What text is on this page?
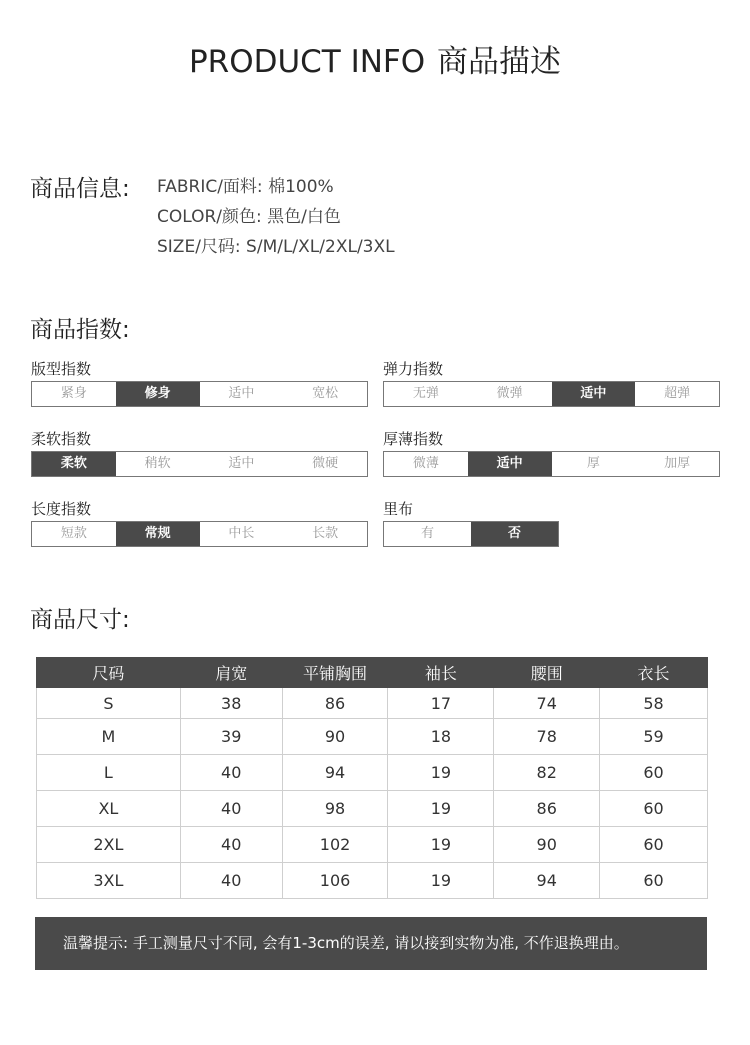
PRODUCT INFO 商品描述
商品信息: FABRIC/面料: 棉100%
COLOR/颜色: 黑色/白色
SIZE/尺码: S/M/L/XL/2XL/3XL
商品指数:
版型指数
紧身	修身	适中	宽松
弹力指数
无弹	微弹	适中	超弹
柔软指数
柔软	稍软	适中	微硬
厚薄指数
微薄	适中	厚	加厚
长度指数
短款	常规	中长	长款
里布
有	否
商品尺寸:
尺码	肩宽	平铺胸围	袖长	腰围	衣长
S	38	86	17	74	58
M	39	90	18	78	59
L	40	94	19	82	60
XL	40	98	19	86	60
2XL	40	102	19	90	60
3XL	40	106	19	94	60
温馨提示: 手工测量尺寸不同, 会有1-3cm的误差, 请以接到实物为准, 不作退换理由。
